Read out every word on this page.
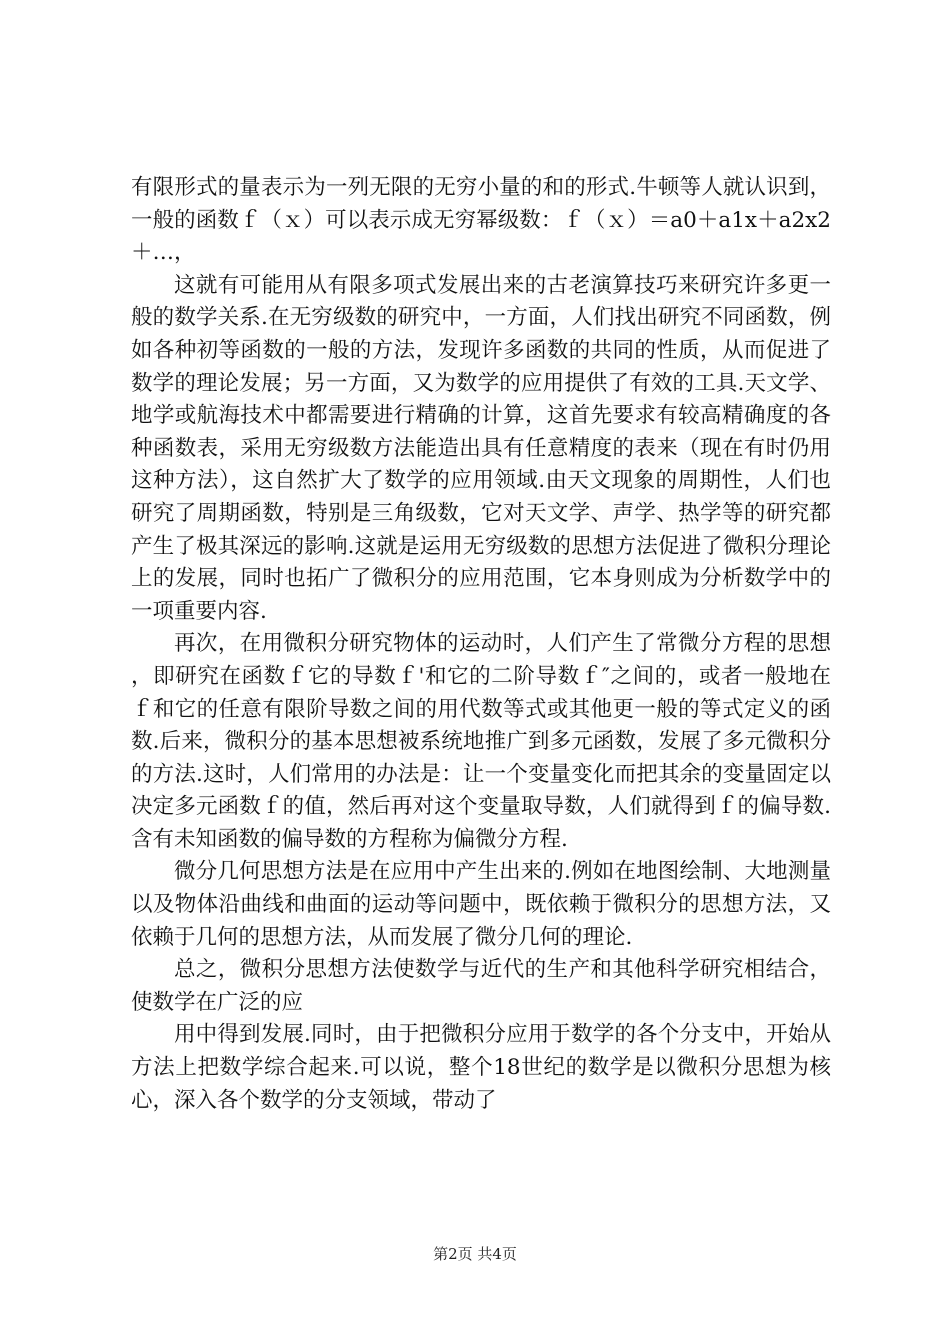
有限形式的量表示为一列无限的无穷小量的和的形式.牛顿等人就认识到，一般的函数ｆ（ｘ）可以表示成无穷幂级数：ｆ（ｘ）＝a0＋a1x＋a2x2＋…，

这就有可能用从有限多项式发展出来的古老演算技巧来研究许多更一般的数学关系.在无穷级数的研究中，一方面，人们找出研究不同函数，例如各种初等函数的一般的方法，发现许多函数的共同的性质，从而促进了数学的理论发展；另一方面，又为数学的应用提供了有效的工具.天文学、地学或航海技术中都需要进行精确的计算，这首先要求有较高精确度的各种函数表，采用无穷级数方法能造出具有任意精度的表来（现在有时仍用这种方法），这自然扩大了数学的应用领域.由天文现象的周期性，人们也研究了周期函数，特别是三角级数，它对天文学、声学、热学等的研究都产生了极其深远的影响.这就是运用无穷级数的思想方法促进了微积分理论上的发展，同时也拓广了微积分的应用范围，它本身则成为分析数学中的一项重要内容.

再次，在用微积分研究物体的运动时，人们产生了常微分方程的思想，即研究在函数ｆ它的导数ｆ'和它的二阶导数ｆ″之间的，或者一般地在ｆ和它的任意有限阶导数之间的用代数等式或其他更一般的等式定义的函数.后来，微积分的基本思想被系统地推广到多元函数，发展了多元微积分的方法.这时，人们常用的办法是：让一个变量变化而把其余的变量固定以决定多元函数ｆ的值，然后再对这个变量取导数，人们就得到ｆ的偏导数.含有未知函数的偏导数的方程称为偏微分方程.

微分几何思想方法是在应用中产生出来的.例如在地图绘制、大地测量以及物体沿曲线和曲面的运动等问题中，既依赖于微积分的思想方法，又依赖于几何的思想方法，从而发展了微分几何的理论.

总之，微积分思想方法使数学与近代的生产和其他科学研究相结合，使数学在广泛的应

用中得到发展.同时，由于把微积分应用于数学的各个分支中，开始从方法上把数学综合起来.可以说，整个18世纪的数学是以微积分思想为核心，深入各个数学的分支领域，带动了

第2页 共4页
